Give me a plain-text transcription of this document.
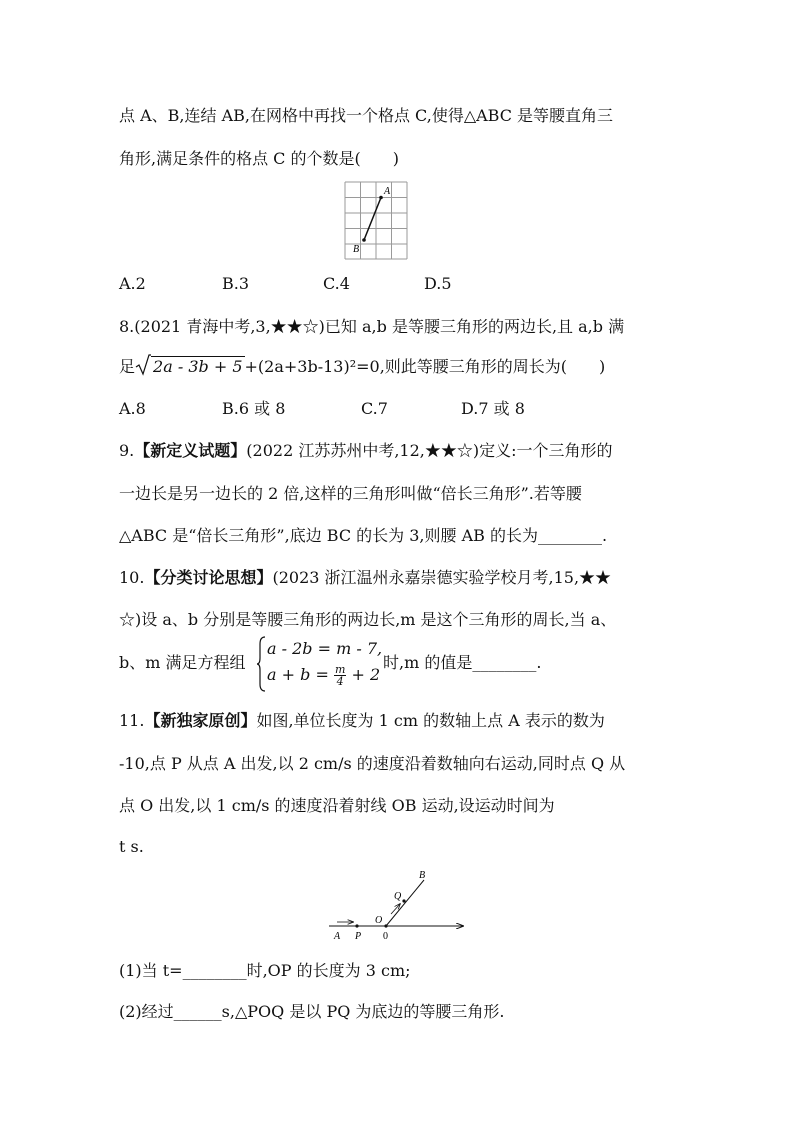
点 A、B,连结 AB,在网格中再找一个格点 C,使得△ABC 是等腰直角三
角形,满足条件的格点 C 的个数是(　　)
A
B
A.2	B.3	C.4	D.5
8.(2021 青海中考,3,★★☆)已知 a,b 是等腰三角形的两边长,且 a,b 满
足 2a - 3b + 5 +(2a+3b-13)²=0,则此等腰三角形的周长为(　　)
A.8	B.6 或 8	C.7	D.7 或 8
9.【新定义试题】(2022 江苏苏州中考,12,★★☆)定义:一个三角形的
一边长是另一边长的 2 倍,这样的三角形叫做“倍长三角形”.若等腰
△ABC 是“倍长三角形”,底边 BC 的长为 3,则腰 AB 的长为________.
10.【分类讨论思想】(2023 浙江温州永嘉崇德实验学校月考,15,★★
☆)设 a、b 分别是等腰三角形的两边长,m 是这个三角形的周长,当 a、
b、m 满足方程组
a - 2b = m - 7,
$a + b = \frac{m}{4} + 2$
时,m 的值是________.
11.【新独家原创】如图,单位长度为 1 cm 的数轴上点 A 表示的数为
-10,点 P 从点 A 出发,以 2 cm/s 的速度沿着数轴向右运动,同时点 Q 从
点 O 出发,以 1 cm/s 的速度沿着射线 OB 运动,设运动时间为
t s.
A P
O
0
Q
B
(1)当 t=________时,OP 的长度为 3 cm;
(2)经过______s,△POQ 是以 PQ 为底边的等腰三角形.
